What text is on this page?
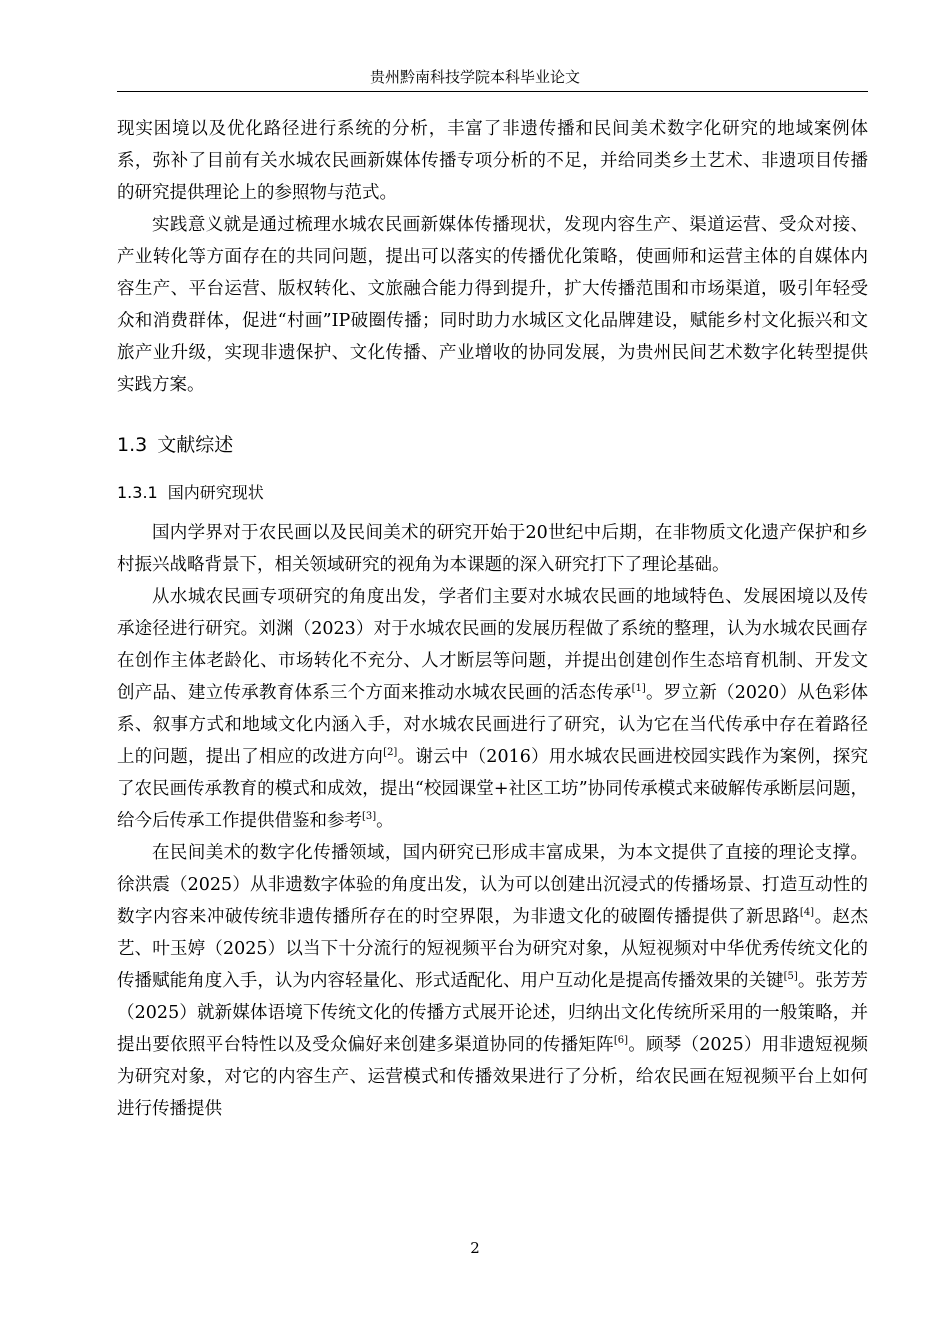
贵州黔南科技学院本科毕业论文

现实困境以及优化路径进行系统的分析，丰富了非遗传播和民间美术数字化研究的地域案例体系，弥补了目前有关水城农民画新媒体传播专项分析的不足，并给同类乡土艺术、非遗项目传播的研究提供理论上的参照物与范式。

实践意义就是通过梳理水城农民画新媒体传播现状，发现内容生产、渠道运营、受众对接、产业转化等方面存在的共同问题，提出可以落实的传播优化策略，使画师和运营主体的自媒体内容生产、平台运营、版权转化、文旅融合能力得到提升，扩大传播范围和市场渠道，吸引年轻受众和消费群体，促进“村画”IP破圈传播；同时助力水城区文化品牌建设，赋能乡村文化振兴和文旅产业升级，实现非遗保护、文化传播、产业增收的协同发展，为贵州民间艺术数字化转型提供实践方案。

1.3 文献综述
1.3.1 国内研究现状

国内学界对于农民画以及民间美术的研究开始于20世纪中后期，在非物质文化遗产保护和乡村振兴战略背景下，相关领域研究的视角为本课题的深入研究打下了理论基础。

从水城农民画专项研究的角度出发，学者们主要对水城农民画的地域特色、发展困境以及传承途径进行研究。刘渊（2023）对于水城农民画的发展历程做了系统的整理，认为水城农民画存在创作主体老龄化、市场转化不充分、人才断层等问题，并提出创建创作生态培育机制、开发文创产品、建立传承教育体系三个方面来推动水城农民画的活态传承[1]。罗立新（2020）从色彩体系、叙事方式和地域文化内涵入手，对水城农民画进行了研究，认为它在当代传承中存在着路径上的问题，提出了相应的改进方向[2]。谢云中（2016）用水城农民画进校园实践作为案例，探究了农民画传承教育的模式和成效，提出“校园课堂+社区工坊”协同传承模式来破解传承断层问题，给今后传承工作提供借鉴和参考[3]。

在民间美术的数字化传播领域，国内研究已形成丰富成果，为本文提供了直接的理论支撑。徐洪震（2025）从非遗数字体验的角度出发，认为可以创建出沉浸式的传播场景、打造互动性的数字内容来冲破传统非遗传播所存在的时空界限，为非遗文化的破圈传播提供了新思路[4]。赵杰艺、叶玉婷（2025）以当下十分流行的短视频平台为研究对象，从短视频对中华优秀传统文化的传播赋能角度入手，认为内容轻量化、形式适配化、用户互动化是提高传播效果的关键[5]。张芳芳（2025）就新媒体语境下传统文化的传播方式展开论述，归纳出文化传统所采用的一般策略，并提出要依照平台特性以及受众偏好来创建多渠道协同的传播矩阵[6]。顾琴（2025）用非遗短视频为研究对象，对它的内容生产、运营模式和传播效果进行了分析，给农民画在短视频平台上如何进行传播提供

2
